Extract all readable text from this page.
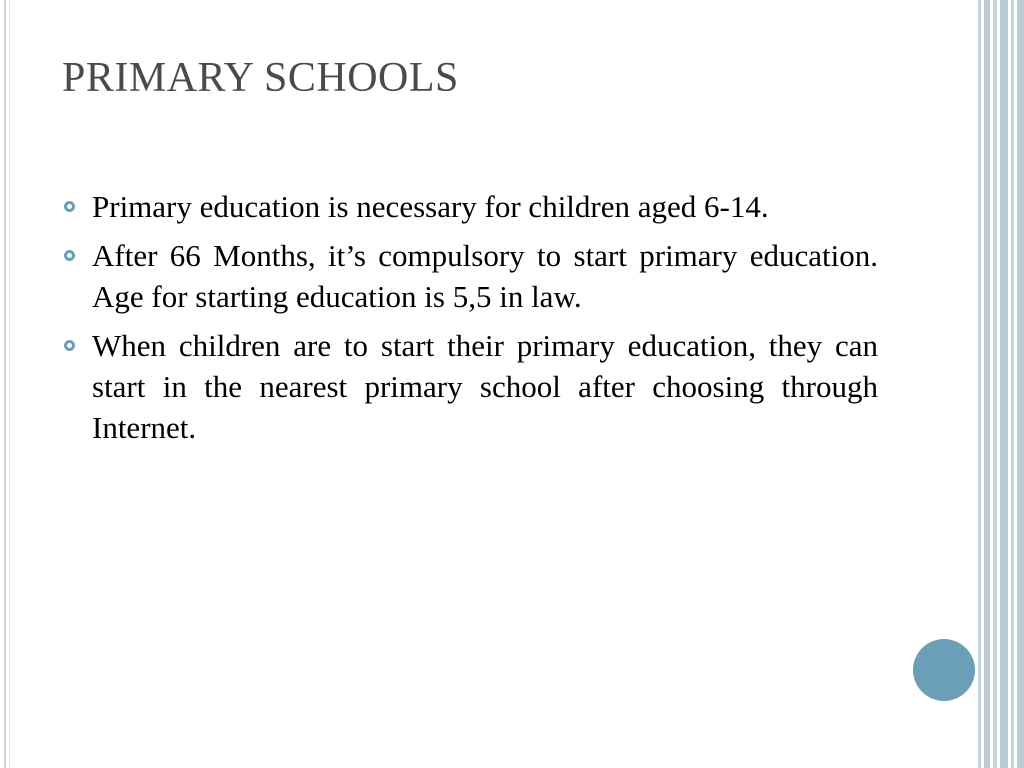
PRIMARY SCHOOLS
Primary education is necessary for children aged 6-14.
After 66 Months, it’s compulsory to start primary education. Age for starting education is 5,5 in law.
When children are to start their primary education, they can start in the nearest primary school after choosing through Internet.
